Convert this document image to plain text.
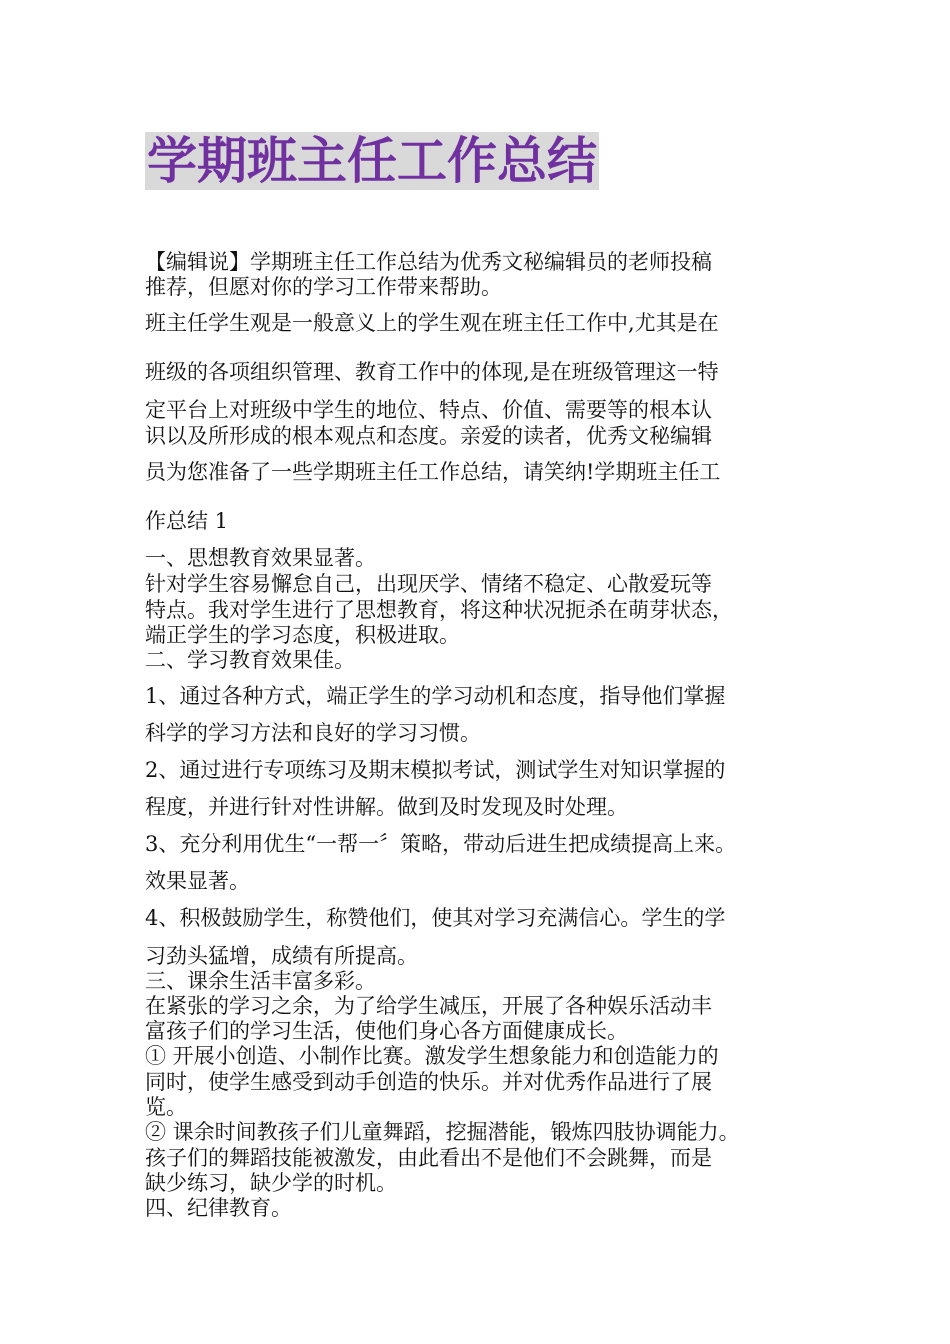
学期班主任工作总结

【编辑说】学期班主任工作总结为优秀文秘编辑员的老师投稿

推荐，但愿对你的学习工作带来帮助。

班主任学生观是一般意义上的学生观在班主任工作中,尤其是在

班级的各项组织管理、教育工作中的体现,是在班级管理这一特

定平台上对班级中学生的地位、特点、价值、需要等的根本认

识以及所形成的根本观点和态度。亲爱的读者，优秀文秘编辑

员为您准备了一些学期班主任工作总结，请笑纳!学期班主任工

作总结 1

一、思想教育效果显著。

针对学生容易懈怠自己，出现厌学、情绪不稳定、心散爱玩等

特点。我对学生进行了思想教育，将这种状况扼杀在萌芽状态，

端正学生的学习态度，积极进取。

二、学习教育效果佳。

1、通过各种方式，端正学生的学习动机和态度，指导他们掌握

科学的学习方法和良好的学习习惯。

2、通过进行专项练习及期末模拟考试，测试学生对知识掌握的

程度，并进行针对性讲解。做到及时发现及时处理。

3、充分利用优生“一帮一〞策略，带动后进生把成绩提高上来。

效果显著。

4、积极鼓励学生，称赞他们，使其对学习充满信心。学生的学

习劲头猛增，成绩有所提高。

三、课余生活丰富多彩。

在紧张的学习之余，为了给学生减压，开展了各种娱乐活动丰

富孩子们的学习生活，使他们身心各方面健康成长。

① 开展小创造、小制作比赛。激发学生想象能力和创造能力的

同时，使学生感受到动手创造的快乐。并对优秀作品进行了展

览。

② 课余时间教孩子们儿童舞蹈，挖掘潜能，锻炼四肢协调能力。

孩子们的舞蹈技能被激发，由此看出不是他们不会跳舞，而是

缺少练习，缺少学的时机。

四、纪律教育。
